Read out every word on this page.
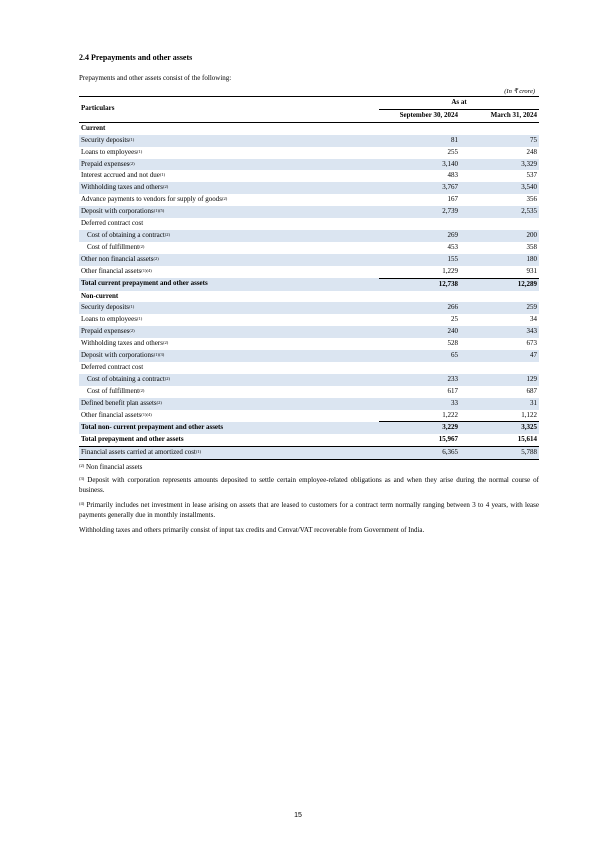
2.4 Prepayments and other assets

Prepayments and other assets consist of the following:

(In ₹ crore)
Particulars	As at	
	September 30, 2024	March 31, 2024
Current		
Security deposits$^{(1)}$	81	75
Loans to employees$^{(1)}$	255	248
Prepaid expenses$^{(2)}$	3,140	3,329
Interest accrued and not due$^{(1)}$	483	537
Withholding taxes and others$^{(2)}$	3,767	3,540
Advance payments to vendors for supply of goods$^{(2)}$	167	356
Deposit with corporations$^{(1)(5)}$	2,739	2,535
Deferred contract cost		
Cost of obtaining a contract$^{(2)}$	269	200
Cost of fulfillment$^{(2)}$	453	358
Other non financial assets$^{(2)}$	155	180
Other financial assets$^{(1)(4)}$	1,229	931
Total current prepayment and other assets	12,738	12,289
Non-current		
Security deposits$^{(1)}$	266	259
Loans to employees$^{(1)}$	25	34
Prepaid expenses$^{(2)}$	240	343
Withholding taxes and others$^{(2)}$	528	673
Deposit with corporations$^{(1)(3)}$	65	47
Deferred contract cost		
Cost of obtaining a contract$^{(2)}$	233	129
Cost of fulfillment$^{(2)}$	617	687
Defined benefit plan assets$^{(2)}$	33	31
Other financial assets$^{(1)(4)}$	1,222	1,122
Total non- current prepayment and other assets	3,229	3,325
Total prepayment and other assets	15,967	15,614
Financial assets carried at amortized cost$^{(1)}$	6,365	5,788

$^{(2)}$ Non financial assets

$^{(3)}$ Deposit with corporation represents amounts deposited to settle certain employee-related obligations as and when they arise during the normal course of business.

$^{(4)}$ Primarily includes net investment in lease arising on assets that are leased to customers for a contract term normally ranging between 3 to 4 years, with lease payments generally due in monthly installments.

Withholding taxes and others primarily consist of input tax credits and Cenvat/VAT recoverable from Government of India.

15
